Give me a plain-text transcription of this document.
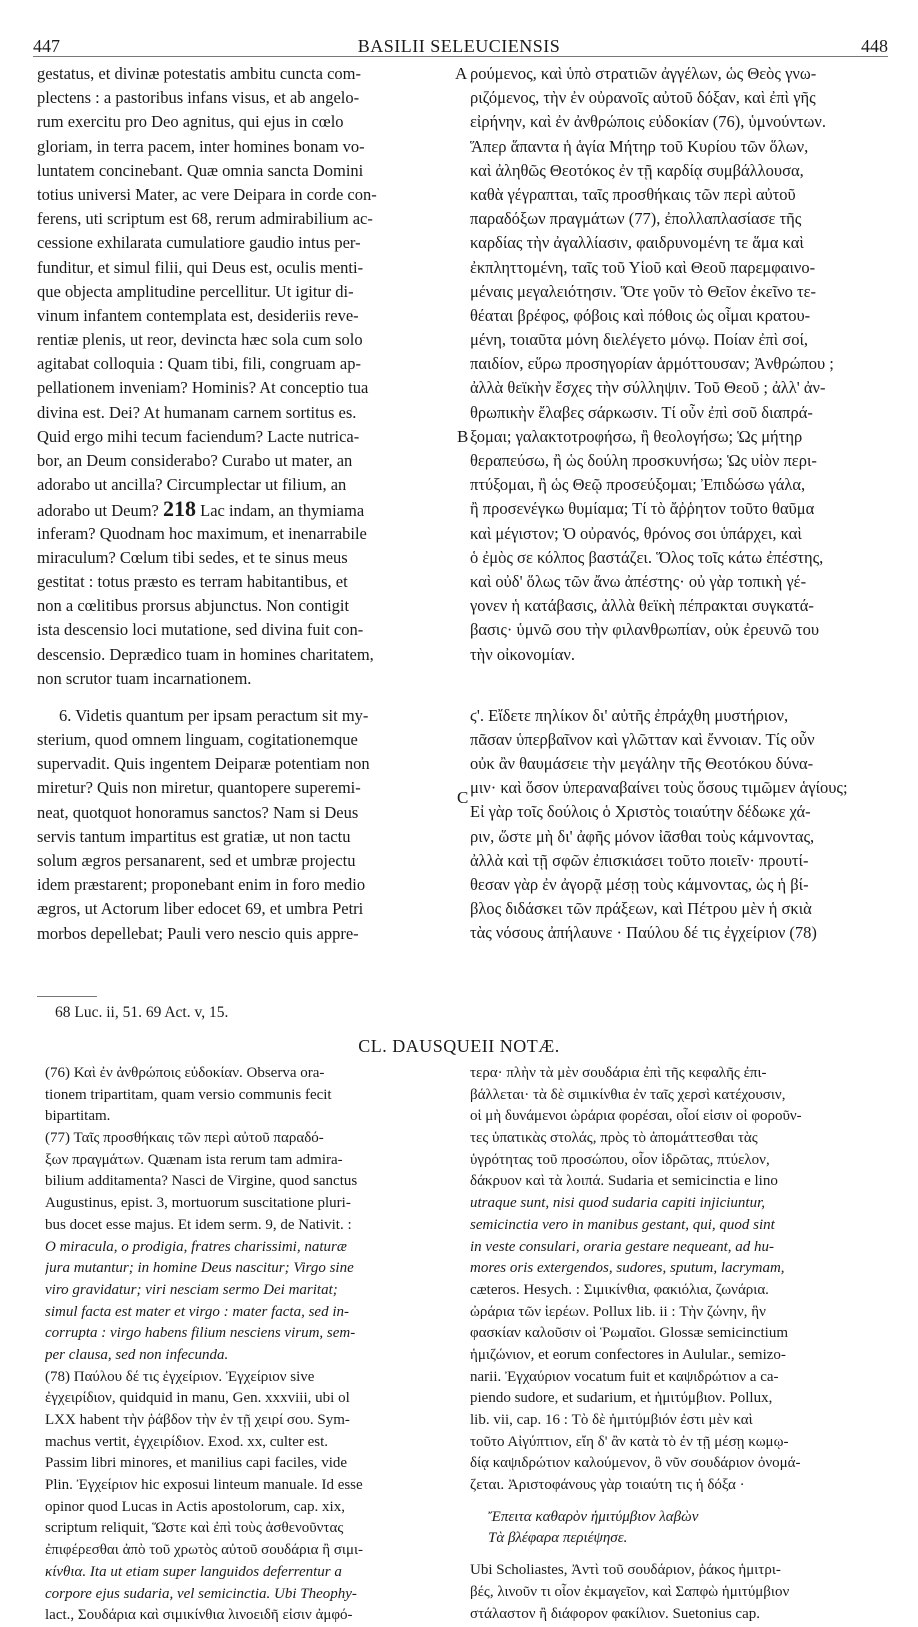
447	BASILII SELEUCIENSIS	448
A
B
C
gestatus, et divinæ potestatis ambitu cuncta com-
plectens : a pastoribus infans visus, et ab angelo-
rum exercitu pro Deo agnitus, qui ejus in cœlo
gloriam, in terra pacem, inter homines bonam vo-
luntatem concinebant. Quæ omnia sancta Domini
totius universi Mater, ac vere Deipara in corde con-
ferens, uti scriptum est 68, rerum admirabilium ac-
cessione exhilarata cumulatiore gaudio intus per-
funditur, et simul filii, qui Deus est, oculis menti-
que objecta amplitudine percellitur. Ut igitur di-
vinum infantem contemplata est, desideriis reve-
rentiæ plenis, ut reor, devincta hæc sola cum solo
agitabat colloquia : Quam tibi, fili, congruam ap-
pellationem inveniam? Hominis? At conceptio tua
divina est. Dei? At humanam carnem sortitus es.
Quid ergo mihi tecum faciendum? Lacte nutrica-
bor, an Deum considerabo? Curabo ut mater, an
adorabo ut ancilla? Circumplectar ut filium, an
adorabo ut Deum? 218 Lac indam, an thymiama
inferam? Quodnam hoc maximum, et inenarrabile
miraculum? Cœlum tibi sedes, et te sinus meus
gestitat : totus præsto es terram habitantibus, et
non a cœlitibus prorsus abjunctus. Non contigit
ista descensio loci mutatione, sed divina fuit con-
descensio. Deprædico tuam in homines charitatem,
non scrutor tuam incarnationem.
6. Videtis quantum per ipsam peractum sit my-
sterium, quod omnem linguam, cogitationemque
supervadit. Quis ingentem Deiparæ potentiam non
miretur? Quis non miretur, quantopere superemi-
neat, quotquot honoramus sanctos? Nam si Deus
servis tantum impartitus est gratiæ, ut non tactu
solum ægros persanarent, sed et umbræ projectu
idem præstarent; proponebant enim in foro medio
ægros, ut Actorum liber edocet 69, et umbra Petri
morbos depellebat; Pauli vero nescio quis appre-
ρούμενος, καὶ ὑπὸ στρατιῶν ἀγγέλων, ὡς Θεὸς γνω-
ριζόμενος, τὴν ἐν οὐρανοῖς αὐτοῦ δόξαν, καὶ ἐπὶ γῆς
εἰρήνην, καὶ ἐν ἀνθρώποις εὐδοκίαν (76), ὑμνούντων.
Ἅπερ ἅπαντα ἡ ἁγία Μήτηρ τοῦ Κυρίου τῶν ὅλων,
καὶ ἀληθῶς Θεοτόκος ἐν τῇ καρδίᾳ συμβάλλουσα,
καθὰ γέγραπται, ταῖς προσθήκαις τῶν περὶ αὐτοῦ
παραδόξων πραγμάτων (77), ἐπολλαπλασίασε τῆς
καρδίας τὴν ἀγαλλίασιν, φαιδρυνομένη τε ἅμα καὶ
ἐκπληττομένη, ταῖς τοῦ Υἱοῦ καὶ Θεοῦ παρεμφαινο-
μέναις μεγαλειότησιν. Ὅτε γοῦν τὸ Θεῖον ἐκεῖνο τε-
θέαται βρέφος, φόβοις καὶ πόθοις ὡς οἶμαι κρατου-
μένη, τοιαῦτα μόνη διελέγετο μόνῳ. Ποίαν ἐπὶ σοί,
παιδίον, εὕρω προσηγορίαν ἁρμόττουσαν; Ἀνθρώπου ;
ἀλλὰ θεϊκὴν ἔσχες τὴν σύλληψιν. Τοῦ Θεοῦ ; ἀλλ' ἀν-
θρωπικὴν ἔλαβες σάρκωσιν. Τί οὖν ἐπὶ σοῦ διαπρά-
ξομαι; γαλακτοτροφήσω, ἢ θεολογήσω; Ὡς μήτηρ
θεραπεύσω, ἢ ὡς δούλη προσκυνήσω; Ὡς υἱὸν περι-
πτύξομαι, ἢ ὡς Θεῷ προσεύξομαι; Ἐπιδώσω γάλα,
ἢ προσενέγκω θυμίαμα; Τί τὸ ἄῤῥητον τοῦτο θαῦμα
καὶ μέγιστον; Ὁ οὐρανός, θρόνος σοι ὑπάρχει, καὶ
ὁ ἐμὸς σε κόλπος βαστάζει. Ὅλος τοῖς κάτω ἐπέστης,
καὶ οὐδ' ὅλως τῶν ἄνω ἀπέστης· οὐ γὰρ τοπικὴ γέ-
γονεν ἡ κατάβασις, ἀλλὰ θεϊκὴ πέπρακται συγκατά-
βασις· ὑμνῶ σου τὴν φιλανθρωπίαν, οὐκ ἐρευνῶ του
τὴν οἰκονομίαν.
ϛ'. Εἴδετε πηλίκον δι' αὐτῆς ἐπράχθη μυστήριον,
πᾶσαν ὑπερβαῖνον καὶ γλῶτταν καὶ ἔννοιαν. Τίς οὖν
οὐκ ἂν θαυμάσειε τὴν μεγάλην τῆς Θεοτόκου δύνα-
μιν· καὶ ὅσον ὑπεραναβαίνει τοὺς ὅσους τιμῶμεν ἁγίους;
Εἰ γὰρ τοῖς δούλοις ὁ Χριστὸς τοιαύτην δέδωκε χά-
ριν, ὥστε μὴ δι' ἀφῆς μόνον ἰᾶσθαι τοὺς κάμνοντας,
ἀλλὰ καὶ τῇ σφῶν ἐπισκιάσει τοῦτο ποιεῖν· προυτί-
θεσαν γὰρ ἐν ἀγορᾷ μέσῃ τοὺς κάμνοντας, ὡς ἡ βί-
βλος διδάσκει τῶν πράξεων, καὶ Πέτρου μὲν ἡ σκιὰ
τὰς νόσους ἀπήλαυνε · Παύλου δέ τις ἐγχείριον (78)
68 Luc. ii, 51. 69 Act. v, 15.
CL. DAUSQUEII NOTÆ.
(76) Καὶ ἐν ἀνθρώποις εὐδοκίαν. Observa ora-
tionem tripartitam, quam versio communis fecit
bipartitam.
(77) Ταῖς προσθήκαις τῶν περὶ αὐτοῦ παραδό-
ξων πραγμάτων. Quænam ista rerum tam admira-
bilium additamenta? Nasci de Virgine, quod sanctus
Augustinus, epist. 3, mortuorum suscitatione pluri-
bus docet esse majus. Et idem serm. 9, de Nativit. :
O miracula, o prodigia, fratres charissimi, naturæ
jura mutantur; in homine Deus nascitur; Virgo sine
viro gravidatur; viri nesciam sermo Dei maritat;
simul facta est mater et virgo : mater facta, sed in-
corrupta : virgo habens filium nesciens virum, sem-
per clausa, sed non infecunda.
(78) Παύλου δέ τις ἐγχείριον. Ἐγχείριον sive
ἐγχειρίδιον, quidquid in manu, Gen. xxxviii, ubi ol
LXX habent τὴν ῥάβδον τὴν ἐν τῇ χειρί σου. Sym-
machus vertit, ἐγχειρίδιον. Exod. xx, culter est.
Passim libri minores, et manilius capi faciles, vide
Plin. Ἐγχείριον hic exposui linteum manuale. Id esse
opinor quod Lucas in Actis apostolorum, cap. xix,
scriptum reliquit, Ὥστε καὶ ἐπὶ τοὺς ἀσθενοῦντας
ἐπιφέρεσθαι ἀπὸ τοῦ χρωτὸς αὐτοῦ σουδάρια ἢ σιμι-
κίνθια. Ita ut etiam super languidos deferrentur a
corpore ejus sudaria, vel semicinctia. Ubi Theophy-
lact., Σουδάρια καὶ σιμικίνθια λινοειδῆ εἰσιν ἀμφό-
τερα· πλὴν τὰ μὲν σουδάρια ἐπὶ τῆς κεφαλῆς ἐπι-
βάλλεται· τὰ δὲ σιμικίνθια ἐν ταῖς χερσὶ κατέχουσιν,
οἱ μὴ δυνάμενοι ὠράρια φορέσαι, οἷοί εἰσιν οἱ φοροῦν-
τες ὑπατικὰς στολάς, πρὸς τὸ ἀπομάττεσθαι τὰς
ὑγρότητας τοῦ προσώπου, οἷον ἱδρῶτας, πτύελον,
δάκρυον καὶ τὰ λοιπά. Sudaria et semicinctia e lino
utraque sunt, nisi quod sudaria capiti injiciuntur,
semicinctia vero in manibus gestant, qui, quod sint
in veste consulari, oraria gestare nequeant, ad hu-
mores oris extergendos, sudores, sputum, lacrymam,
cæteros. Hesych. : Σιμικίνθια, φακιόλια, ζωνάρια.
ὠράρια τῶν ἱερέων. Pollux lib. ii : Τὴν ζώνην, ἣν
φασκίαν καλοῦσιν οἱ Ῥωμαῖοι. Glossæ semicinctium
ἡμιζώνιον, et eorum confectores in Aulular., semizo-
narii. Ἐγχαύριον vocatum fuit et καψιδρώτιον a ca-
piendo sudore, et sudarium, et ἡμιτύμβιον. Pollux,
lib. vii, cap. 16 : Τὸ δὲ ἡμιτύμβιόν ἐστι μὲν καὶ
τοῦτο Αἰγύπτιον, εἴη δ' ἂν κατὰ τὸ ἐν τῇ μέσῃ κωμῳ-
δίᾳ καψιδρώτιον καλούμενον, ὃ νῦν σουδάριον ὀνομά-
ζεται. Ἀριστοφάνους γὰρ τοιαύτη τις ἡ δόξα ·
Ἔπειτα καθαρὸν ἡμιτύμβιον λαβὼν
Τὰ βλέφαρα περιέψησε.
Ubi Scholiastes, Ἀντὶ τοῦ σουδάριον, ῥάκος ἡμιτρι-
βές, λινοῦν τι οἷον ἐκμαγεῖον, καὶ Σαπφὼ ἡμιτύμβιον
στάλαστον ἢ διάφορον φακίλιον. Suetonius cap.
